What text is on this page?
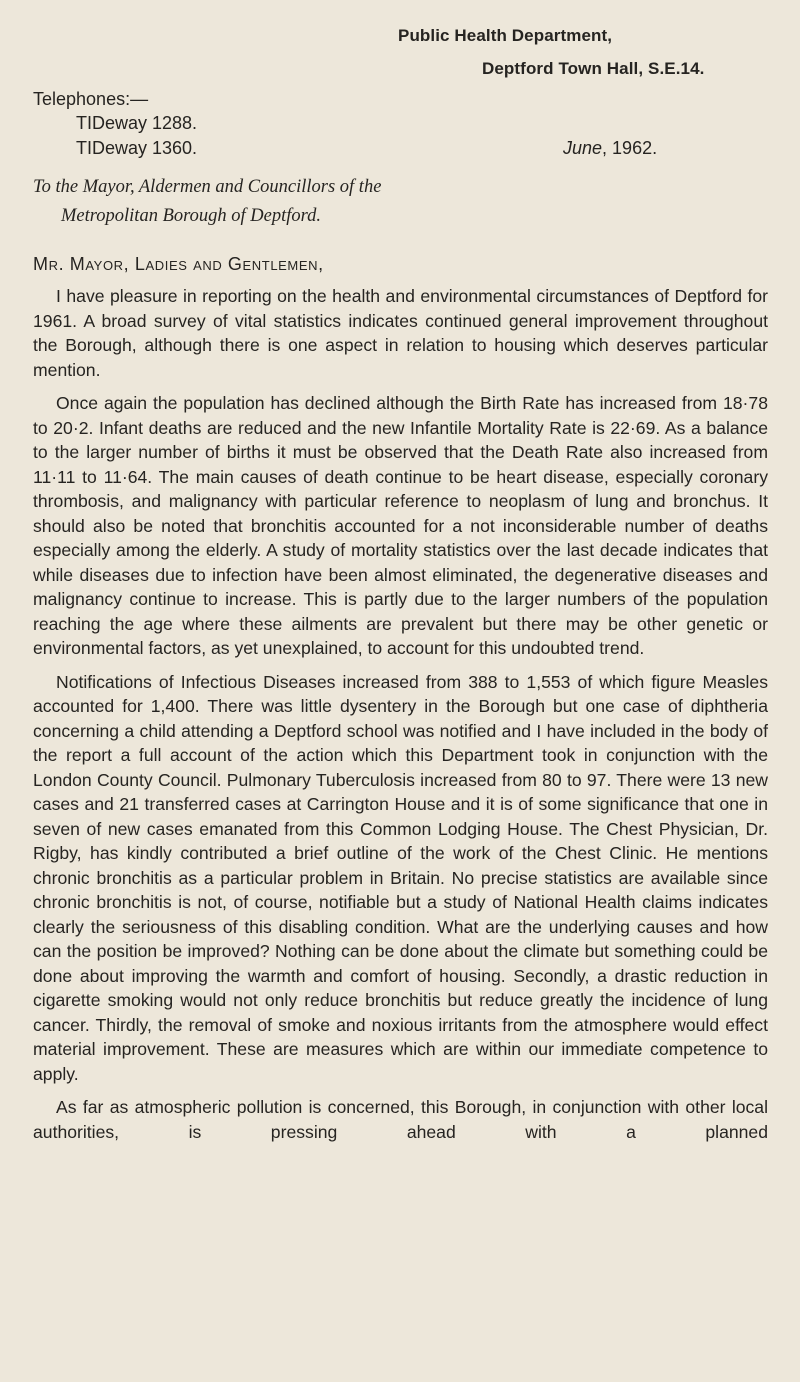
Public Health Department,
Deptford Town Hall, S.E.14.
Telephones:—
TIDeway 1288.
TIDeway 1360.	June, 1962.
To the Mayor, Aldermen and Councillors of the
Metropolitan Borough of Deptford.
Mr. Mayor, Ladies and Gentlemen,

I have pleasure in reporting on the health and environmental circumstances of Deptford for 1961. A broad survey of vital statistics indicates continued general improvement throughout the Borough, although there is one aspect in relation to housing which deserves particular mention.

Once again the population has declined although the Birth Rate has increased from 18·78 to 20·2. Infant deaths are reduced and the new Infantile Mortality Rate is 22·69. As a balance to the larger number of births it must be observed that the Death Rate also increased from 11·11 to 11·64. The main causes of death continue to be heart disease, especially coronary thrombosis, and malignancy with particular reference to neoplasm of lung and bronchus. It should also be noted that bronchitis accounted for a not inconsiderable number of deaths especially among the elderly. A study of mortality statistics over the last decade indicates that while diseases due to infection have been almost eliminated, the degenerative diseases and malignancy continue to increase. This is partly due to the larger numbers of the population reaching the age where these ailments are prevalent but there may be other genetic or environmental factors, as yet unexplained, to account for this undoubted trend.

Notifications of Infectious Diseases increased from 388 to 1,553 of which figure Measles accounted for 1,400. There was little dysentery in the Borough but one case of diphtheria concerning a child attending a Deptford school was notified and I have included in the body of the report a full account of the action which this Department took in conjunction with the London County Council. Pulmonary Tuberculosis increased from 80 to 97. There were 13 new cases and 21 transferred cases at Carrington House and it is of some significance that one in seven of new cases emanated from this Common Lodging House. The Chest Physician, Dr. Rigby, has kindly contributed a brief outline of the work of the Chest Clinic. He mentions chronic bronchitis as a particular problem in Britain. No precise statistics are available since chronic bronchitis is not, of course, notifiable but a study of National Health claims indicates clearly the seriousness of this disabling condition. What are the underlying causes and how can the position be improved? Nothing can be done about the climate but something could be done about improving the warmth and comfort of housing. Secondly, a drastic reduction in cigarette smoking would not only reduce bronchitis but reduce greatly the incidence of lung cancer. Thirdly, the removal of smoke and noxious irritants from the atmosphere would effect material improvement. These are measures which are within our immediate competence to apply.

As far as atmospheric pollution is concerned, this Borough, in conjunction with other local authorities, is pressing ahead with a planned
